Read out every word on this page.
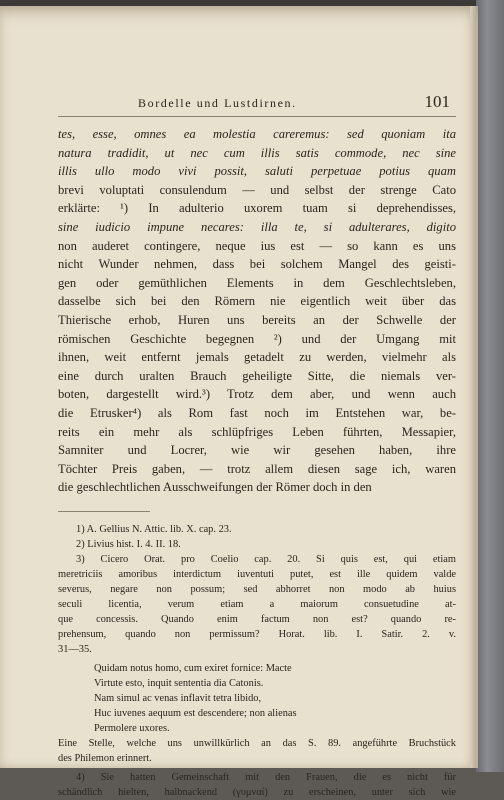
Bordelle und Lustdirnen.	101
tes, esse, omnes ea molestia careremus: sed quoniam ita
natura tradidit, ut nec cum illis satis commode, nec sine
illis ullo modo vivi possit, saluti perpetuae potius quam
brevi voluptati consulendum — und selbst der strenge Cato
erklärte: ¹) In adulterio uxorem tuam si deprehendisses,
sine iudicio impune necares: illa te, si adulterares, digito
non auderet contingere, neque ius est — so kann es uns
nicht Wunder nehmen, dass bei solchem Mangel des geisti-
gen oder gemüthlichen Elements in dem Geschlechtsleben,
dasselbe sich bei den Römern nie eigentlich weit über das
Thierische erhob, Huren uns bereits an der Schwelle der
römischen Geschichte begegnen ²) und der Umgang mit
ihnen, weit entfernt jemals getadelt zu werden, vielmehr als
eine durch uralten Brauch geheiligte Sitte, die niemals ver-
boten, dargestellt wird.³) Trotz dem aber, und wenn auch
die Etrusker⁴) als Rom fast noch im Entstehen war, be-
reits ein mehr als schlüpfriges Leben führten, Messapier,
Samniter und Locrer, wie wir gesehen haben, ihre
Töchter Preis gaben, — trotz allem diesen sage ich, waren
die geschlechtlichen Ausschweifungen der Römer doch in den
1) A. Gellius N. Attic. lib. X. cap. 23.
2) Livius hist. I. 4. II. 18.
3) Cicero Orat. pro Coelio cap. 20. Si quis est, qui etiam
meretriciis amoribus interdictum iuventuti putet, est ille quidem valde
severus, negare non possum; sed abhorret non modo ab huius
seculi licentia, verum etiam a maiorum consuetudine at-
que concessis. Quando enim factum non est? quando re-
prehensum, quando non permissum? Horat. lib. I. Satir. 2. v.
31—35.
Quidam notus homo, cum exiret fornice: Macte
Virtute esto, inquit sententia dia Catonis.
Nam simul ac venas inflavit tetra libido,
Huc iuvenes aequum est descendere; non alienas
Permolere uxores.
Eine Stelle, welche uns unwillkürlich an das S. 89. angeführte Bruchstück
des Philemon erinnert.
4) Sie hatten Gemeinschaft mit den Frauen, die es nicht für
schändlich hielten, halbnackend (γυμναί) zu erscheinen, unter sich wie
